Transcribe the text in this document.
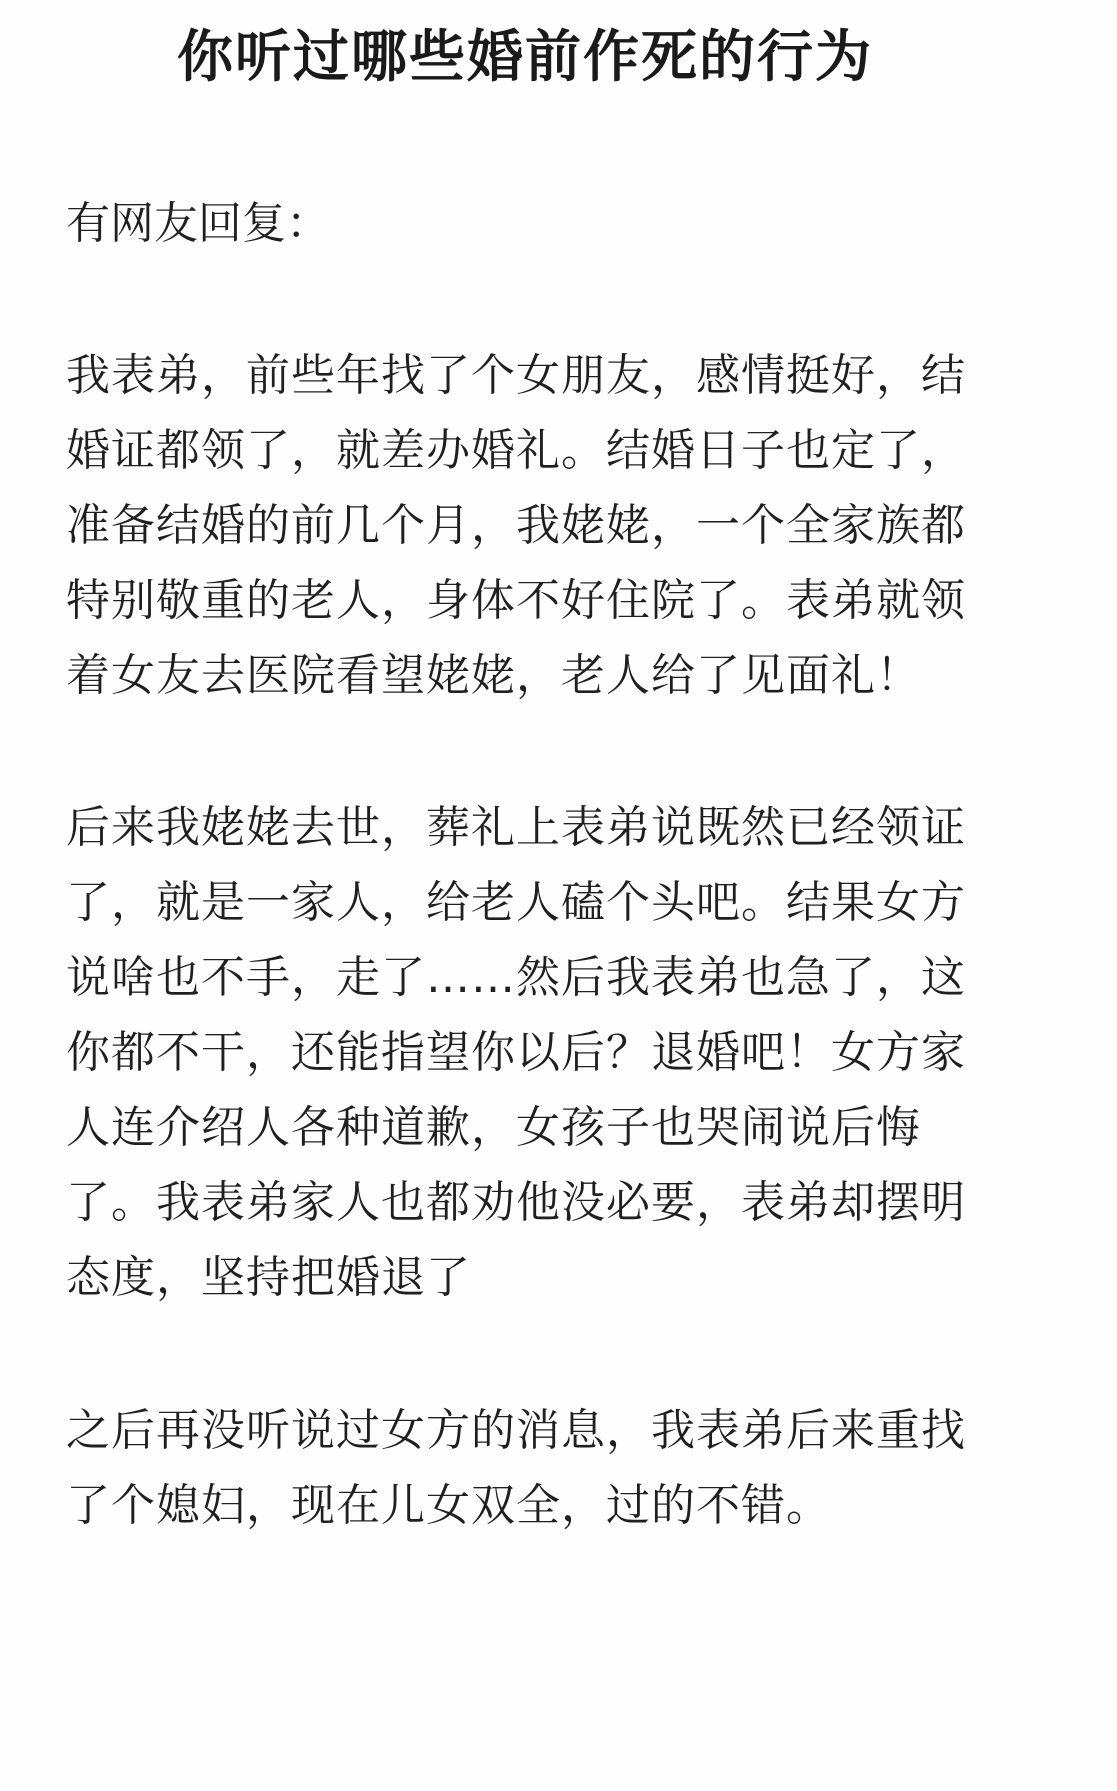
你听过哪些婚前作死的行为
有网友回复：
我表弟，前些年找了个女朋友，感情挺好，结
婚证都领了，就差办婚礼。结婚日子也定了，
准备结婚的前几个月，我姥姥，一个全家族都
特别敬重的老人，身体不好住院了。表弟就领
着女友去医院看望姥姥，老人给了见面礼！
后来我姥姥去世，葬礼上表弟说既然已经领证
了，就是一家人，给老人磕个头吧。结果女方
说啥也不手，走了……然后我表弟也急了，这
你都不干，还能指望你以后？退婚吧！女方家
人连介绍人各种道歉，女孩子也哭闹说后悔
了。我表弟家人也都劝他没必要，表弟却摆明
态度，坚持把婚退了
之后再没听说过女方的消息，我表弟后来重找
了个媳妇，现在儿女双全，过的不错。
